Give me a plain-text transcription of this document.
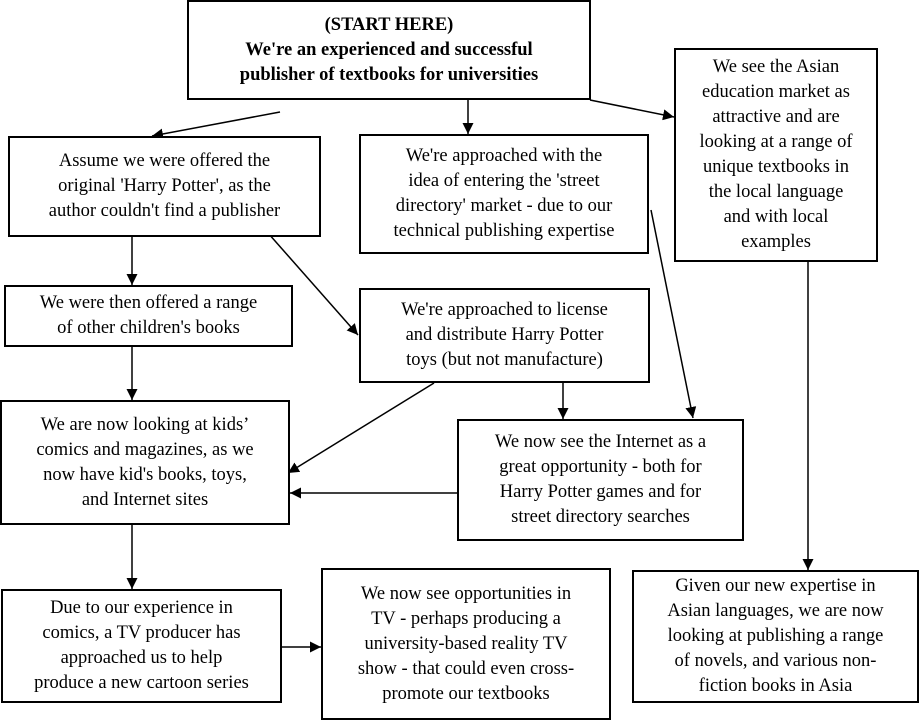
(START HERE)
We're an experienced and successful
publisher of textbooks for universities
Assume we were offered the
original 'Harry Potter', as the
author couldn't find a publisher
We're approached with the
idea of entering the 'street
directory' market - due to our
technical publishing expertise
We see the Asian
education market as
attractive and are
looking at a range of
unique textbooks in
the local language
and with local
examples
We were then offered a range
of other children's books
We're approached to license
and distribute Harry Potter
toys (but not manufacture)
We are now looking at kids’
comics and magazines, as we
now have kid's books, toys,
and Internet sites
We now see the Internet as a
great opportunity - both for
Harry Potter games and for
street directory searches
Due to our experience in
comics, a TV producer has
approached us to help
produce a new cartoon series
We now see opportunities in
TV - perhaps producing a
university-based reality TV
show - that could even cross-
promote our textbooks
Given our new expertise in
Asian languages, we are now
looking at publishing a range
of novels, and various non-
fiction books in Asia
